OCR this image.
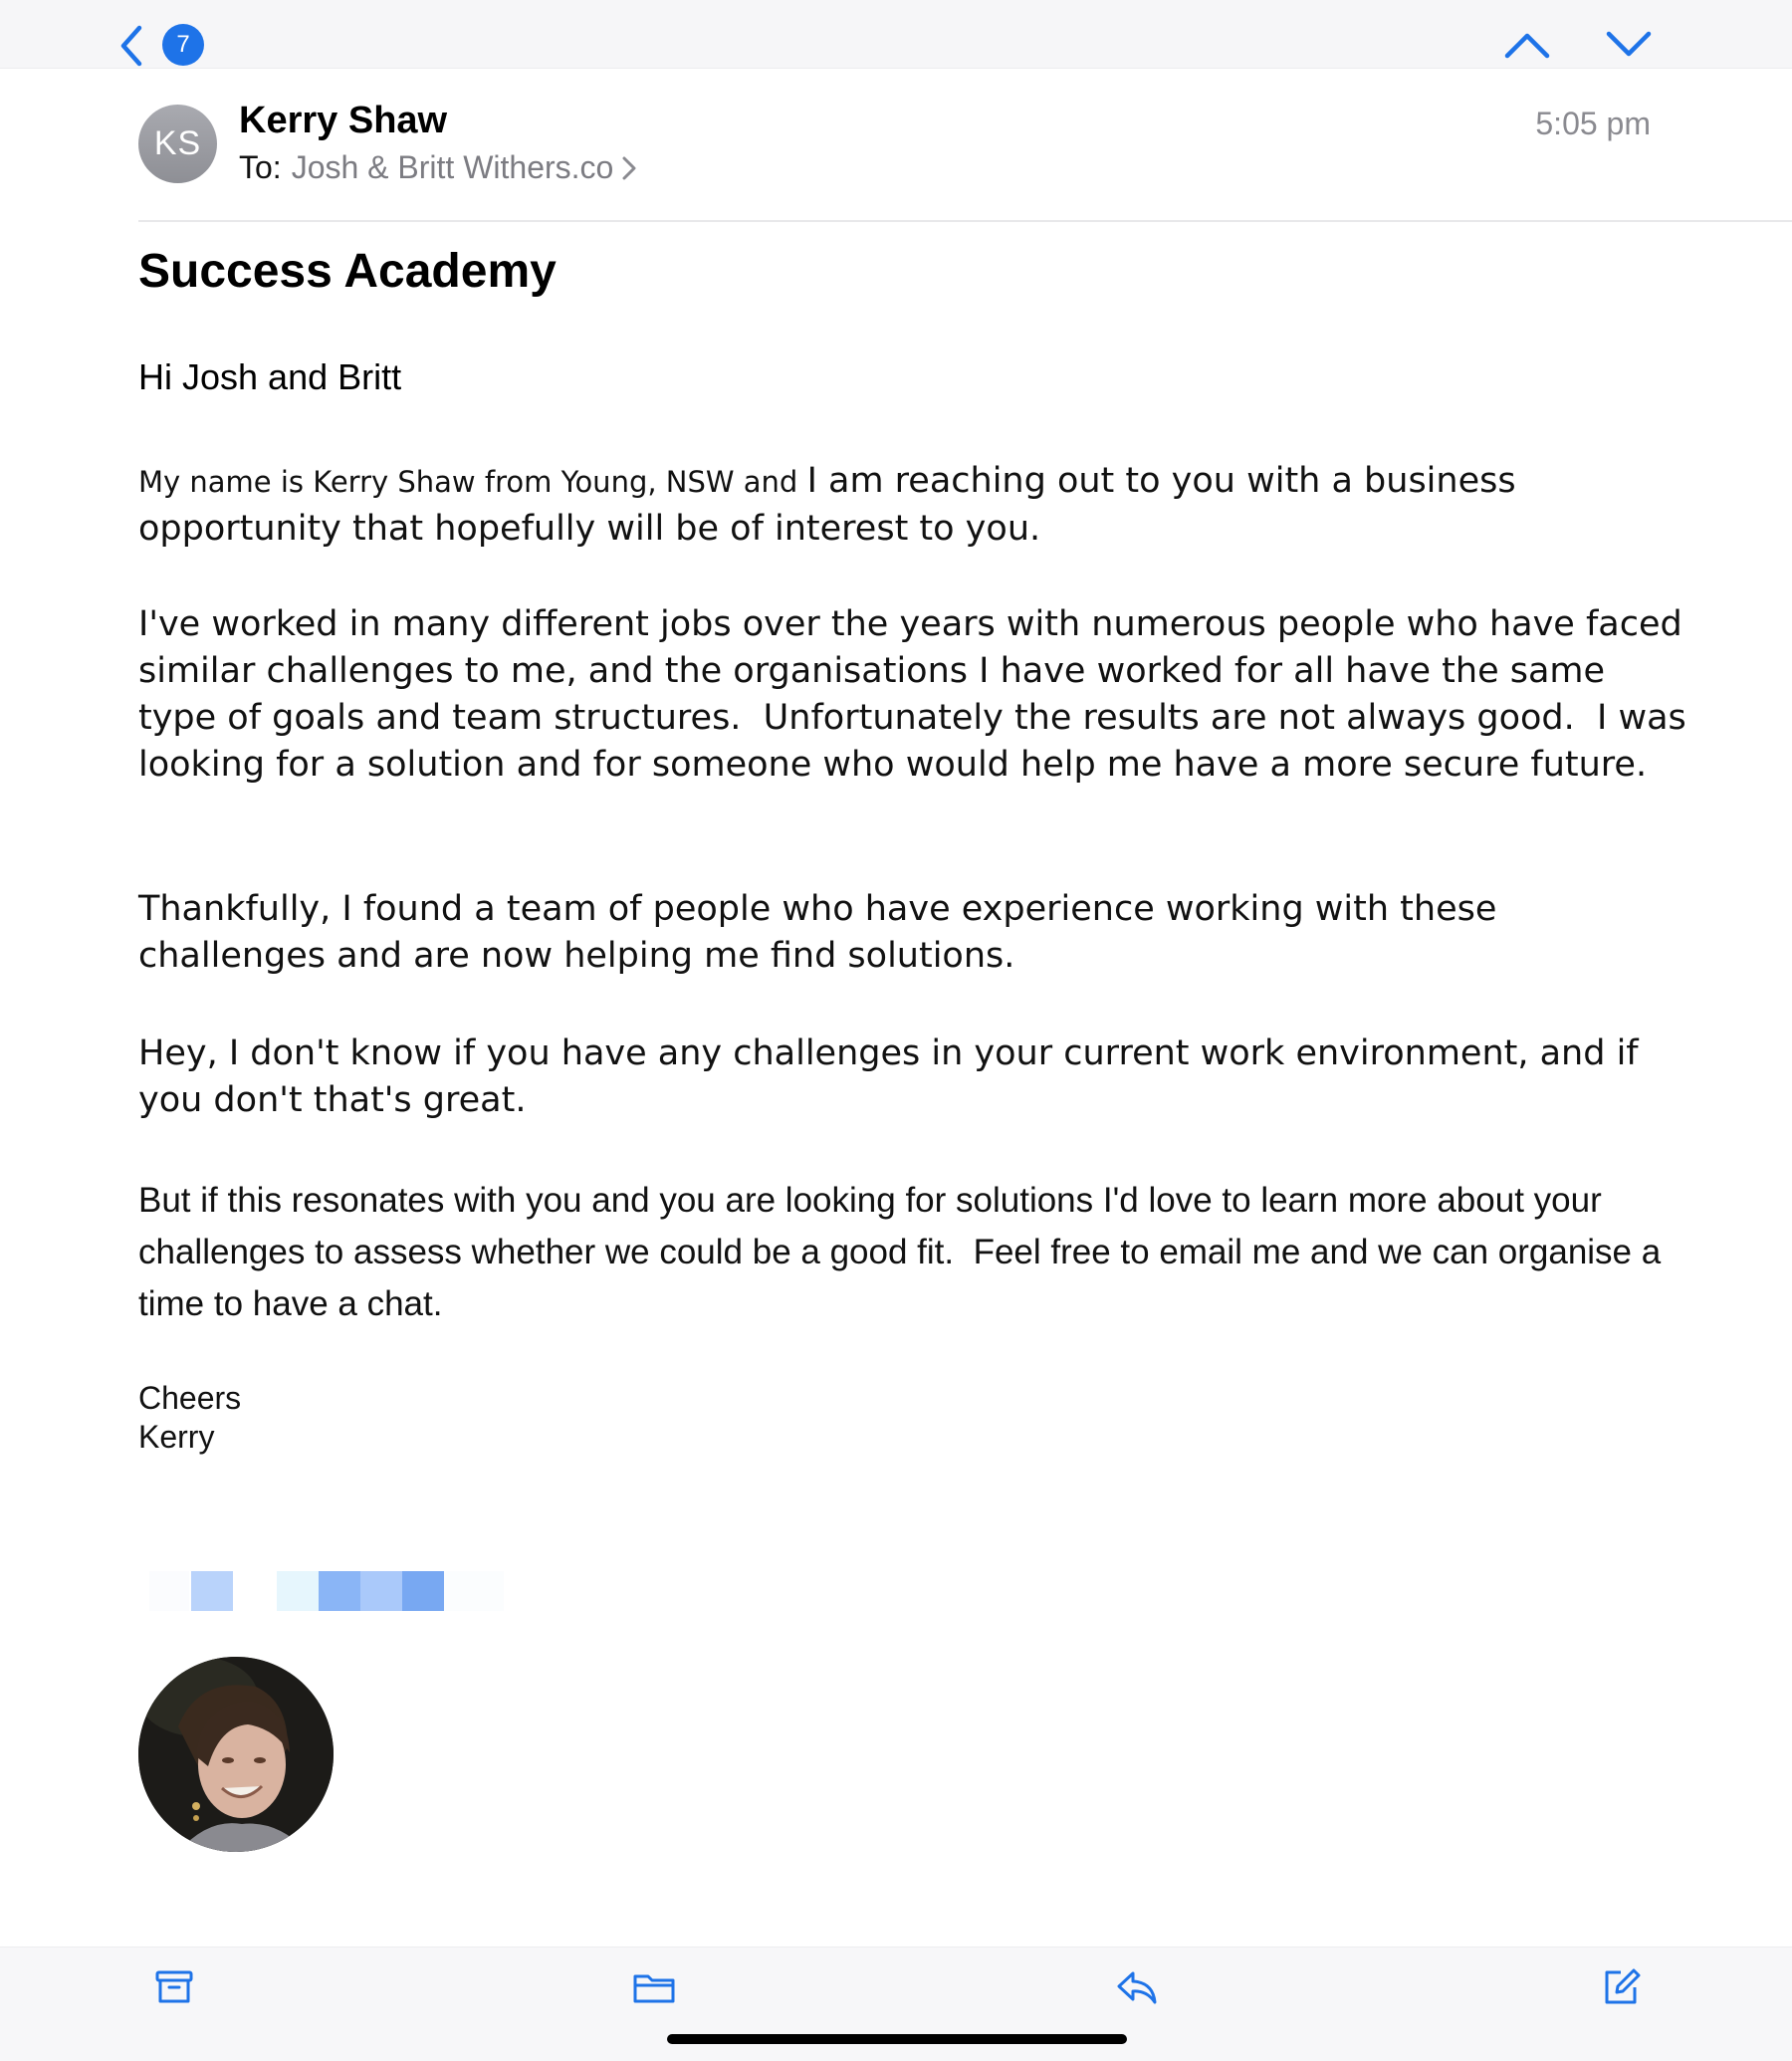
7
KS
Kerry Shaw
To: Josh & Britt Withers.co
5:05 pm
Success Academy
Hi Josh and Britt
My name is Kerry Shaw from Young, NSW and I am reaching out to you with a business opportunity that hopefully will be of interest to you.
I've worked in many different jobs over the years with numerous people who have faced similar challenges to me, and the organisations I have worked for all have the same type of goals and team structures.  Unfortunately the results are not always good.  I was looking for a solution and for someone who would help me have a more secure future.
Thankfully, I found a team of people who have experience working with these challenges and are now helping me find solutions.
Hey, I don't know if you have any challenges in your current work environment, and if you don't that's great.
But if this resonates with you and you are looking for solutions I'd love to learn more about your challenges to assess whether we could be a good fit.  Feel free to email me and we can organise a time to have a chat.
Cheers
Kerry
